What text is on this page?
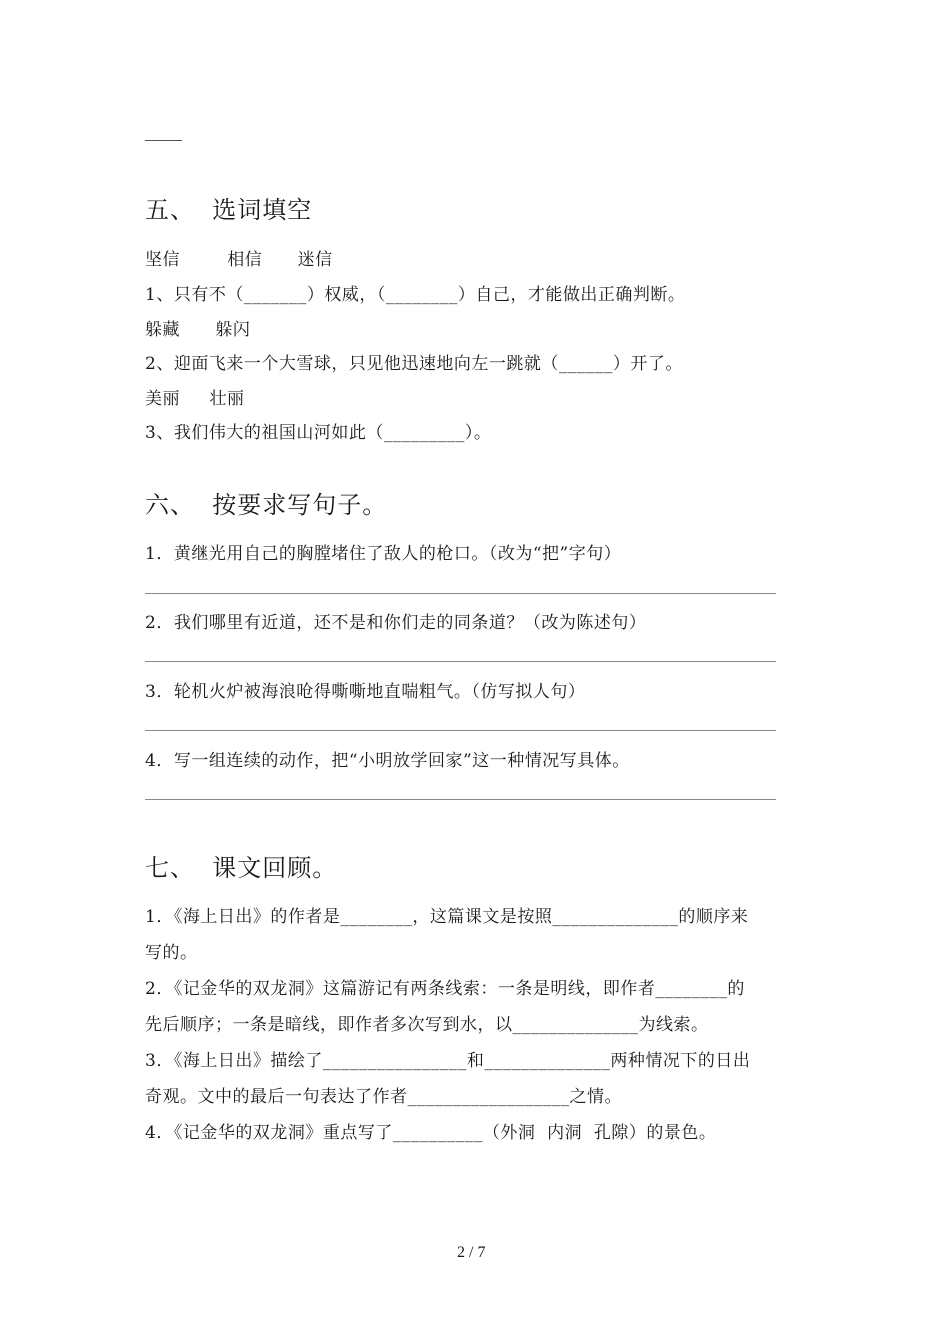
五、  选词填空
坚信        相信      迷信
1、只有不（_______）权威，（________）自己，才能做出正确判断。
躲藏      躲闪
2、迎面飞来一个大雪球，只见他迅速地向左一跳就（______）开了。
美丽     壮丽
3、我们伟大的祖国山河如此（_________）。
六、  按要求写句子。
1．黄继光用自己的胸膛堵住了敌人的枪口。（改为“把”字句）
2．我们哪里有近道，还不是和你们走的同条道？（改为陈述句）
3．轮机火炉被海浪呛得嘶嘶地直喘粗气。（仿写拟人句）
4．写一组连续的动作，把“小明放学回家”这一种情况写具体。
七、  课文回顾。
1．《海上日出》的作者是________，这篇课文是按照______________的顺序来
写的。
2．《记金华的双龙洞》这篇游记有两条线索：一条是明线，即作者________的
先后顺序；一条是暗线，即作者多次写到水，以______________为线索。
3．《海上日出》描绘了________________和______________两种情况下的日出
奇观。文中的最后一句表达了作者__________________之情。
4．《记金华的双龙洞》重点写了__________（外洞  内洞  孔隙）的景色。
2 / 7
